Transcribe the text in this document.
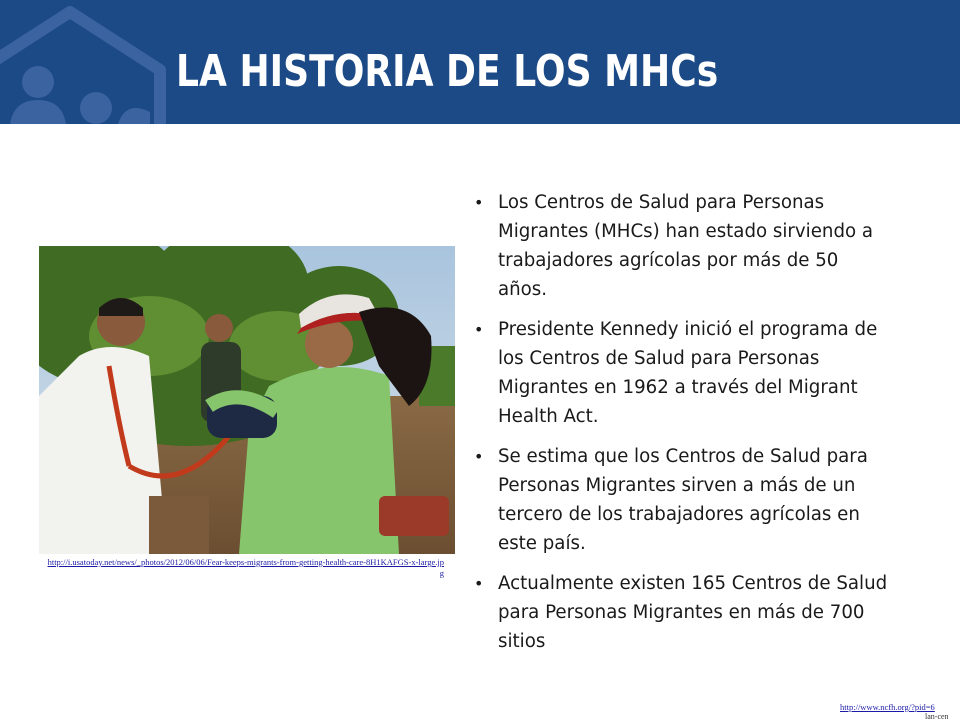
LA HISTORIA DE LOS MHCs

http://i.usatoday.net/news/_photos/2012/06/06/Fear-keeps-migrants-from-getting-health-care-8H1KAFGS-x-large.jpg

• Los Centros de Salud para Personas Migrantes (MHCs) han estado sirviendo a trabajadores agrícolas por más de 50 años.
• Presidente Kennedy inició el programa de los Centros de Salud para Personas Migrantes en 1962 a través del Migrant Health Act.
• Se estima que los Centros de Salud para Personas Migrantes sirven a más de un tercero de los trabajadores agrícolas en este país.
• Actualmente existen 165 Centros de Salud para Personas Migrantes en más de 700 sitios

http://www.ncfh.org/?pid=6

lan-cen
